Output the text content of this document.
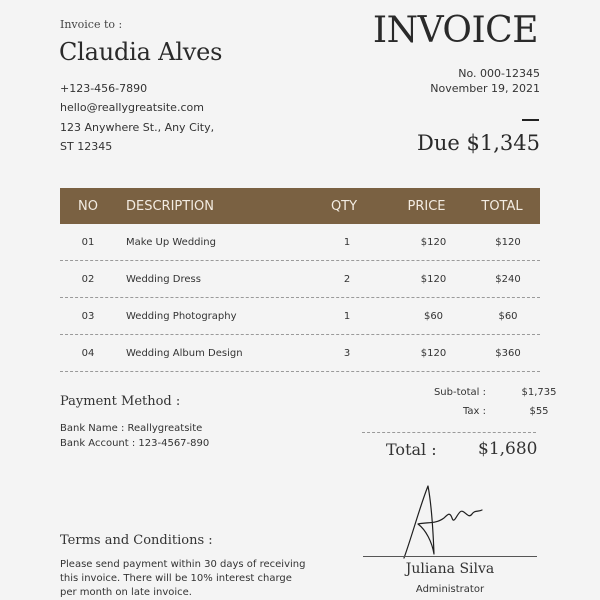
Invoice to :
Claudia Alves
+123-456-7890
hello@reallygreatsite.com
123 Anywhere St., Any City,
ST 12345
INVOICE
No. 000-12345
November 19, 2021
Due $1,345
NO	DESCRIPTION	QTY	PRICE	TOTAL
01	Make Up Wedding	1	$120	$120
02	Wedding Dress	2	$120	$240
03	Wedding Photography	1	$60	$60
04	Wedding Album Design	3	$120	$360
Payment Method :
Bank Name : Reallygreatsite
Bank Account : 123-4567-890
Sub-total :	$1,735
Tax :	$55
Total : $1,680
Terms and Conditions :
Please send payment within 30 days of receiving this invoice. There will be 10% interest charge per month on late invoice.
Juliana Silva
Administrator
